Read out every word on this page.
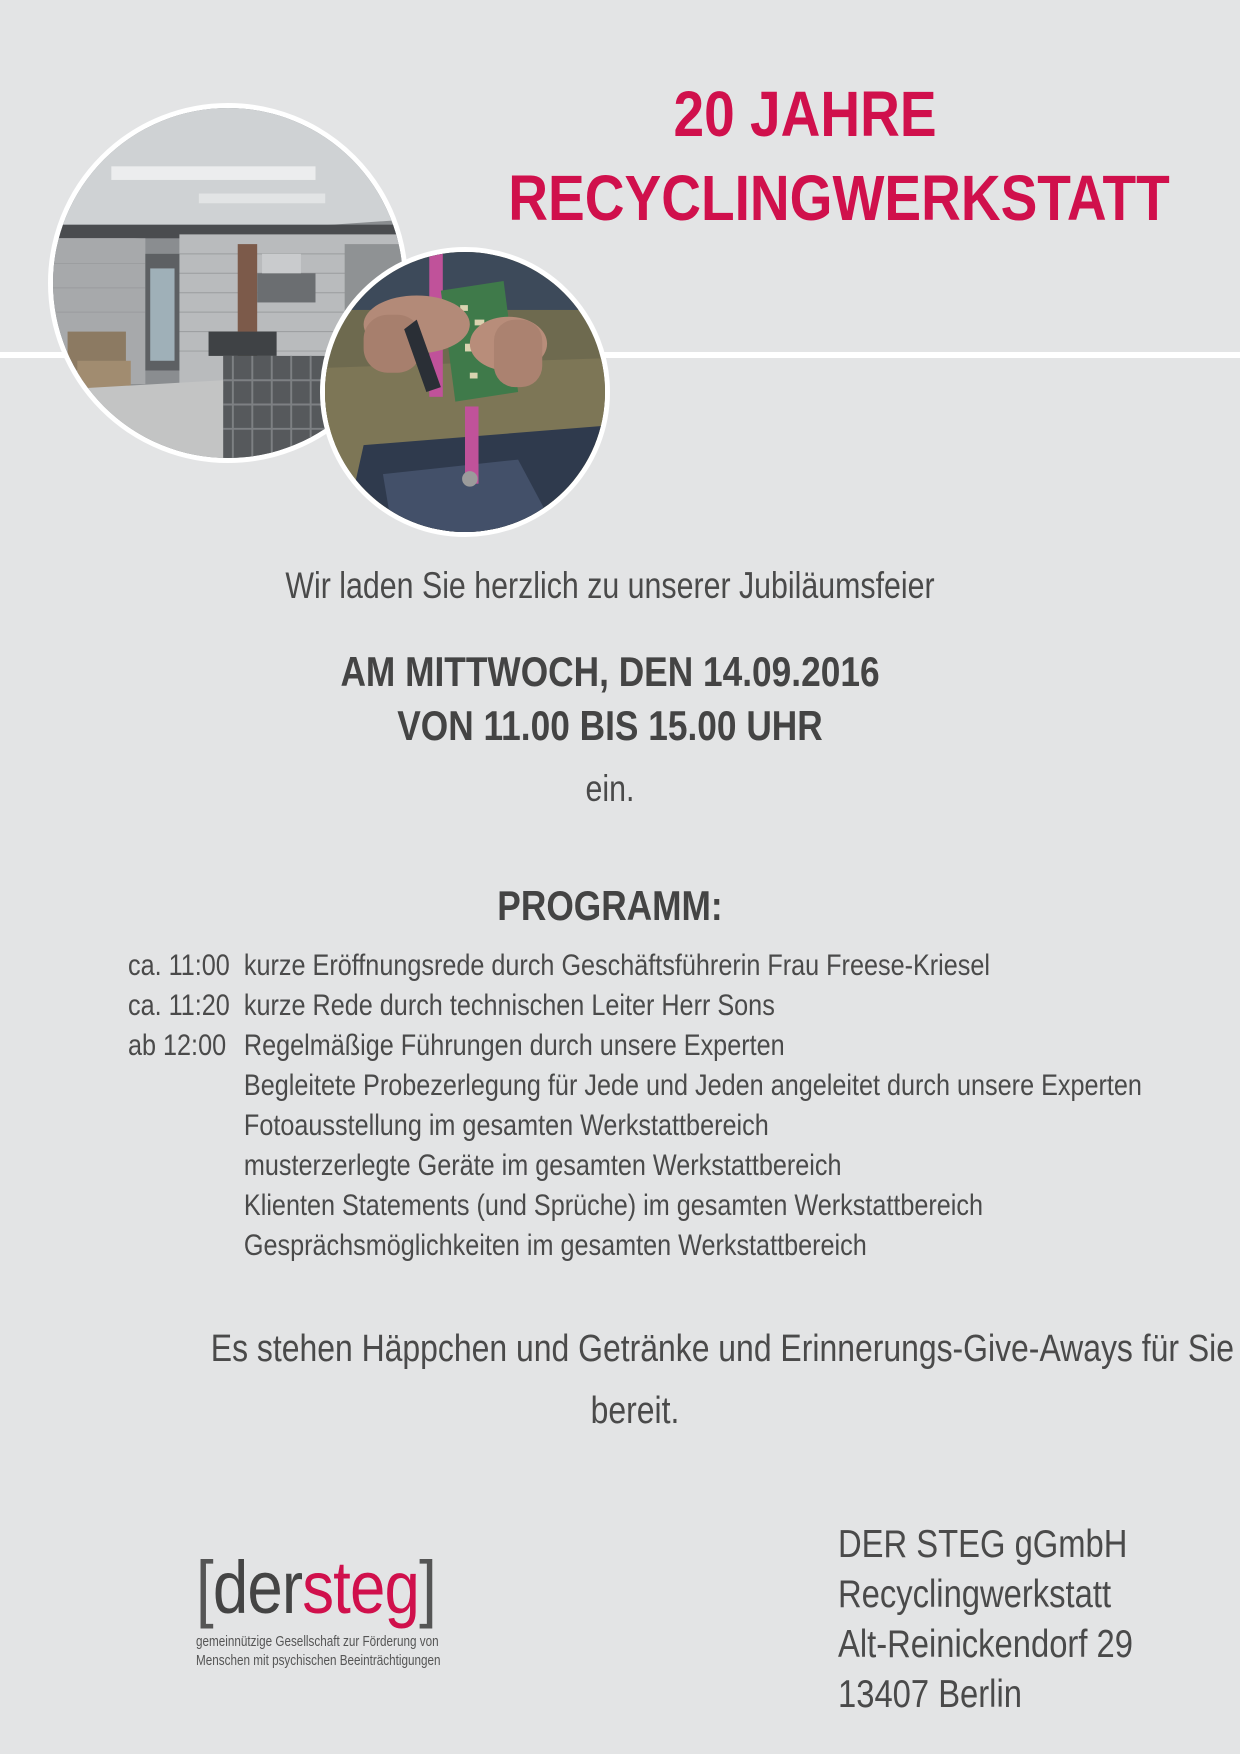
20 JAHRE
RECYCLINGWERKSTATT
Wir laden Sie herzlich zu unserer Jubiläumsfeier
AM MITTWOCH, DEN 14.09.2016
VON 11.00 BIS 15.00 UHR
ein.
PROGRAMM:
ca. 11:00 kurze Eröffnungsrede durch Geschäftsführerin Frau Freese-Kriesel
ca. 11:20 kurze Rede durch technischen Leiter Herr Sons
ab 12:00 Regelmäßige Führungen durch unsere Experten
Begleitete Probezerlegung für Jede und Jeden angeleitet durch unsere Experten
Fotoausstellung im gesamten Werkstattbereich
musterzerlegte Geräte im gesamten Werkstattbereich
Klienten Statements (und Sprüche) im gesamten Werkstattbereich
Gesprächsmöglichkeiten im gesamten Werkstattbereich
Es stehen Häppchen und Getränke und Erinnerungs-Give-Aways für Sie
bereit.
[dersteg]
gemeinnützige Gesellschaft zur Förderung von
Menschen mit psychischen Beeinträchtigungen
DER STEG gGmbH
Recyclingwerkstatt
Alt-Reinickendorf 29
13407 Berlin
